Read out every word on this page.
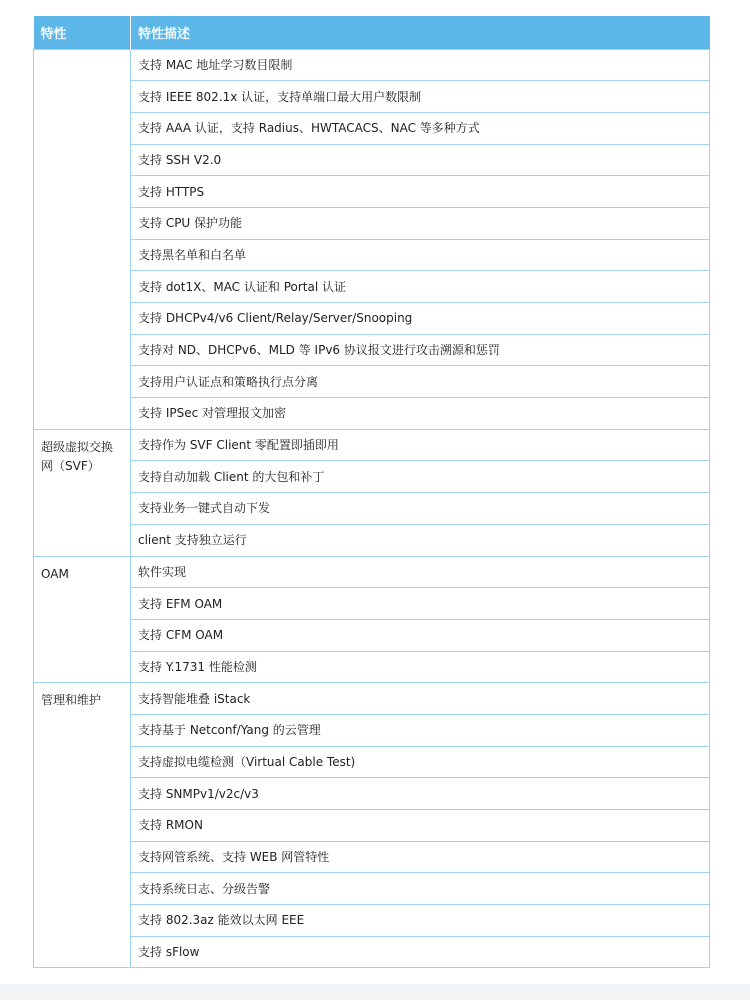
特性	特性描述
	支持 MAC 地址学习数目限制
	支持 IEEE 802.1x 认证，支持单端口最大用户数限制
	支持 AAA 认证，支持 Radius、HWTACACS、NAC 等多种方式
	支持 SSH V2.0
	支持 HTTPS
	支持 CPU 保护功能
	支持黑名单和白名单
	支持 dot1X、MAC 认证和 Portal 认证
	支持 DHCPv4/v6 Client/Relay/Server/Snooping
	支持对 ND、DHCPv6、MLD 等 IPv6 协议报文进行攻击溯源和惩罚
	支持用户认证点和策略执行点分离
	支持 IPSec 对管理报文加密
超级虚拟交换网（SVF）	支持作为 SVF Client 零配置即插即用
	支持自动加载 Client 的大包和补丁
	支持业务一键式自动下发
	client 支持独立运行
OAM	软件实现
	支持 EFM OAM
	支持 CFM OAM
	支持 Y.1731 性能检测
管理和维护	支持智能堆叠 iStack
	支持基于 Netconf/Yang 的云管理
	支持虚拟电缆检测（Virtual Cable Test)
	支持 SNMPv1/v2c/v3
	支持 RMON
	支持网管系统、支持 WEB 网管特性
	支持系统日志、分级告警
	支持 802.3az 能效以太网 EEE
	支持 sFlow
